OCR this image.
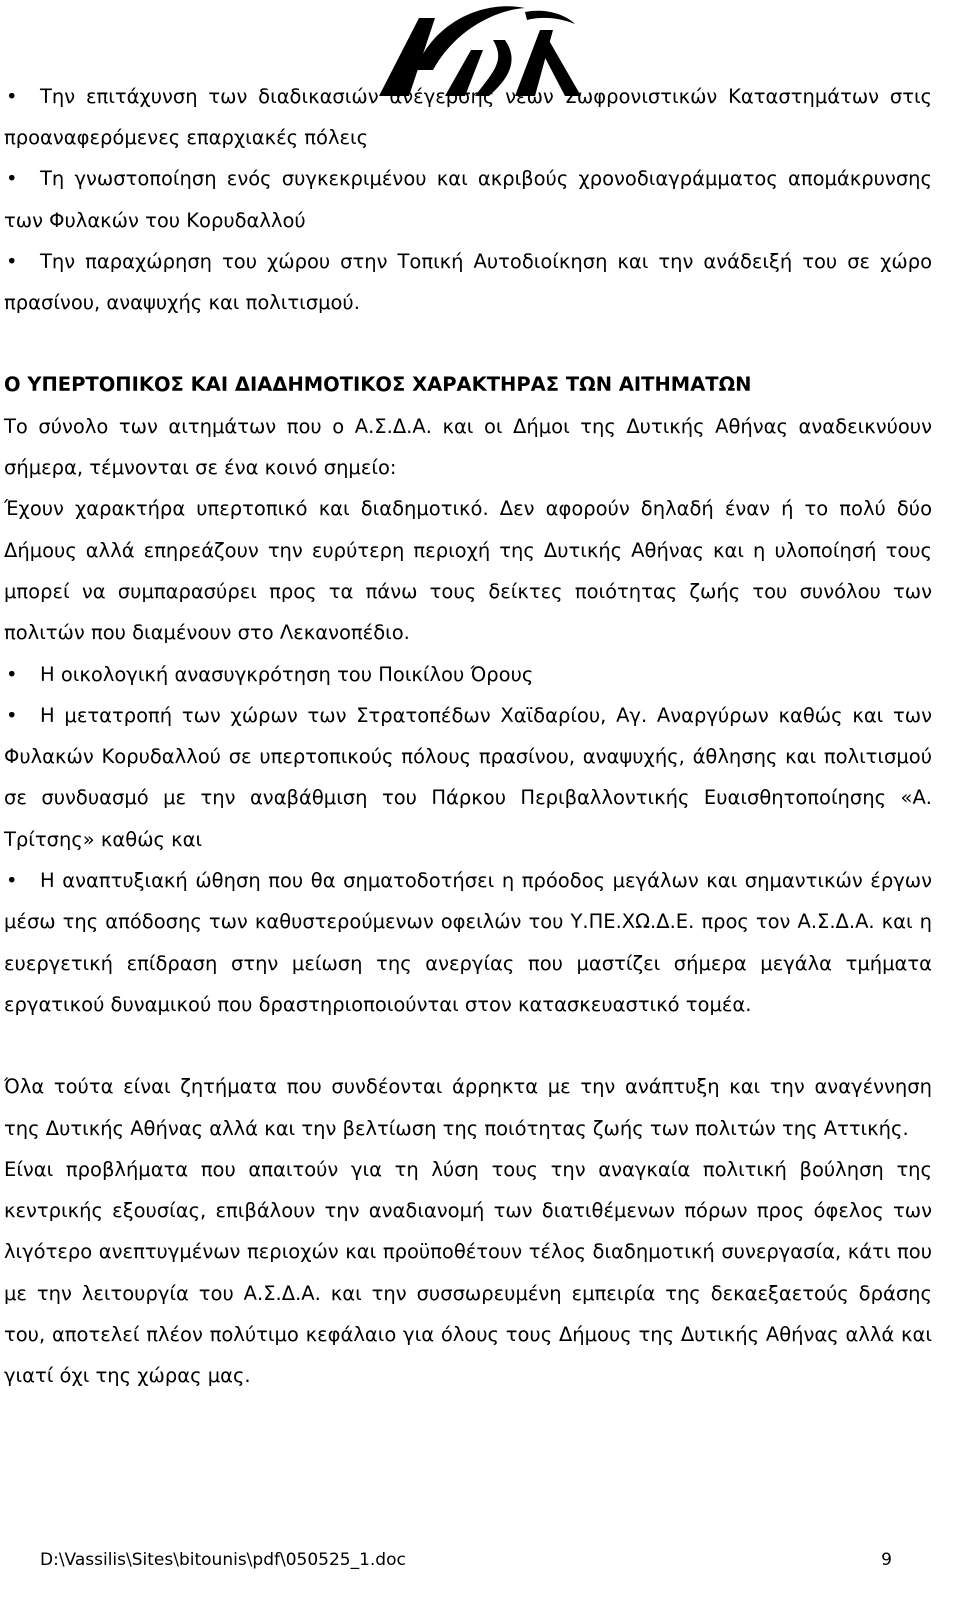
ΑΣΔΑ

• Την επιτάχυνση των διαδικασιών ανέγερσης νέων Σωφρονιστικών Καταστημάτων στις προαναφερόμενες επαρχιακές πόλεις

• Τη γνωστοποίηση ενός συγκεκριμένου και ακριβούς χρονοδιαγράμματος απομάκρυνσης των Φυλακών του Κορυδαλλού

• Την παραχώρηση του χώρου στην Τοπική Αυτοδιοίκηση και την ανάδειξή του σε χώρο πρασίνου, αναψυχής και πολιτισμού.

Ο ΥΠΕΡΤΟΠΙΚΟΣ ΚΑΙ ΔΙΑΔΗΜΟΤΙΚΟΣ ΧΑΡΑΚΤΗΡΑΣ ΤΩΝ ΑΙΤΗΜΑΤΩΝ

Το σύνολο των αιτημάτων που ο Α.Σ.Δ.Α. και οι Δήμοι της Δυτικής Αθήνας αναδεικνύουν σήμερα, τέμνονται σε ένα κοινό σημείο:

Έχουν χαρακτήρα υπερτοπικό και διαδημοτικό. Δεν αφορούν δηλαδή έναν ή το πολύ δύο Δήμους αλλά επηρεάζουν την ευρύτερη περιοχή της Δυτικής Αθήνας και η υλοποίησή τους μπορεί να συμπαρασύρει προς τα πάνω τους δείκτες ποιότητας ζωής του συνόλου των πολιτών που διαμένουν στο Λεκανοπέδιο.

• Η οικολογική ανασυγκρότηση του Ποικίλου Όρους

• Η μετατροπή των χώρων των Στρατοπέδων Χαϊδαρίου, Αγ. Αναργύρων καθώς και των Φυλακών Κορυδαλλού σε υπερτοπικούς πόλους πρασίνου, αναψυχής, άθλησης και πολιτισμού σε συνδυασμό με την αναβάθμιση του Πάρκου Περιβαλλοντικής Ευαισθητοποίησης «Α. Τρίτσης» καθώς και

• Η αναπτυξιακή ώθηση που θα σηματοδοτήσει η πρόοδος μεγάλων και σημαντικών έργων μέσω της απόδοσης των καθυστερούμενων οφειλών του Υ.ΠΕ.ΧΩ.Δ.Ε. προς τον Α.Σ.Δ.Α. και η ευεργετική επίδραση στην μείωση της ανεργίας που μαστίζει σήμερα μεγάλα τμήματα εργατικού δυναμικού που δραστηριοποιούνται στον κατασκευαστικό τομέα.

Όλα τούτα είναι ζητήματα που συνδέονται άρρηκτα με την ανάπτυξη και την αναγέννηση της Δυτικής Αθήνας αλλά και την βελτίωση της ποιότητας ζωής των πολιτών της Αττικής.

Είναι προβλήματα που απαιτούν για τη λύση τους την αναγκαία πολιτική βούληση της κεντρικής εξουσίας, επιβάλουν την αναδιανομή των διατιθέμενων πόρων προς όφελος των λιγότερο ανεπτυγμένων περιοχών και προϋποθέτουν τέλος διαδημοτική συνεργασία, κάτι που με την λειτουργία του Α.Σ.Δ.Α. και την συσσωρευμένη εμπειρία της δεκαεξαετούς δράσης του, αποτελεί πλέον πολύτιμο κεφάλαιο για όλους τους Δήμους της Δυτικής Αθήνας αλλά και γιατί όχι της χώρας μας.

D:\Vassilis\Sites\bitounis\pdf\050525_1.doc	9
